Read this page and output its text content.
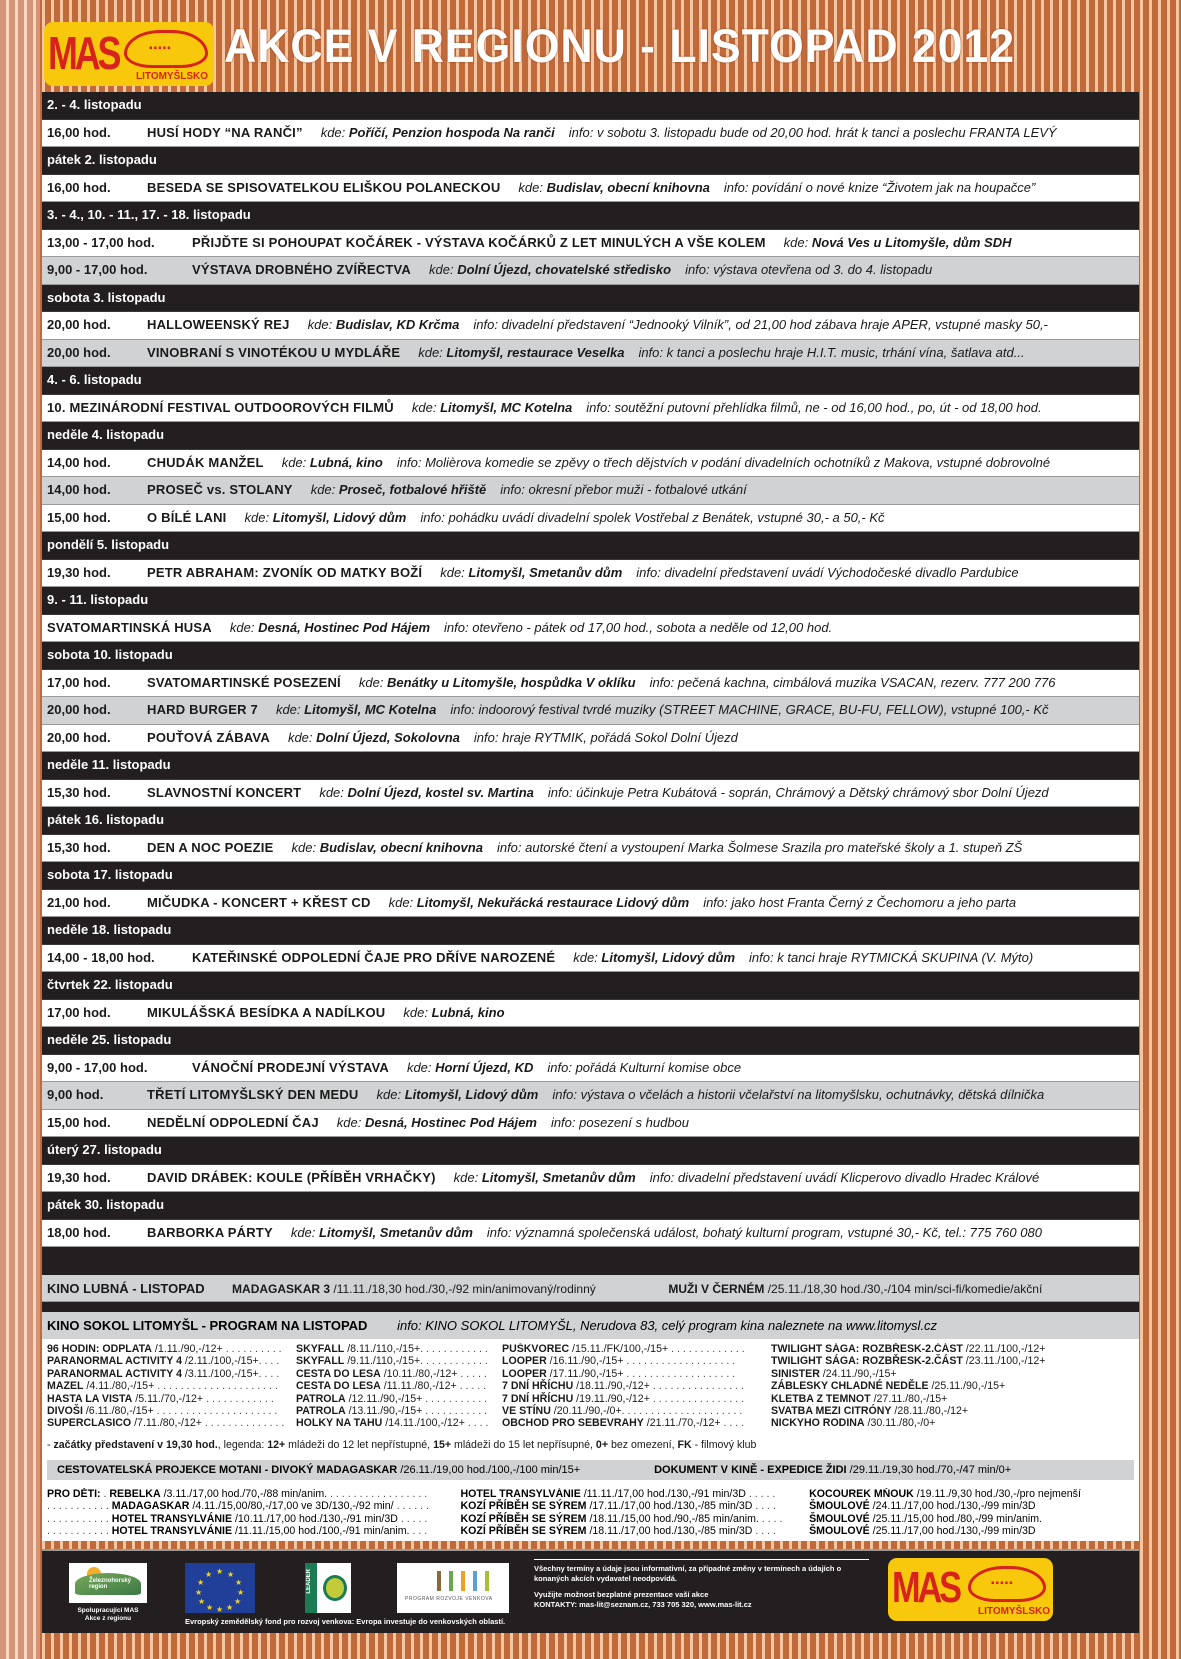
MAS	▪▪▪▪▪
LITOMYŠLSKO
AKCE V REGIONU - LISTOPAD 2012
2. - 4. listopadu
16,00 hod.	HUSÍ HODY “NA RANČI” kde: Poříčí, Penzion hospoda Na ranči info: v sobotu 3. listopadu bude od 20,00 hod. hrát k tanci a poslechu FRANTA LEVÝ
pátek 2. listopadu
16,00 hod.	BESEDA SE SPISOVATELKOU ELIŠKOU POLANECKOU kde: Budislav, obecní knihovna info: povídání o nové knize “Životem jak na houpačce”
3. - 4., 10. - 11., 17. - 18. listopadu
13,00 - 17,00 hod.	PŘIJĎTE SI POHOUPAT KOČÁREK - VÝSTAVA KOČÁRKŮ Z LET MINULÝCH A VŠE KOLEM kde: Nová Ves u Litomyšle, dům SDH
9,00 - 17,00 hod.	VÝSTAVA DROBNÉHO ZVÍŘECTVA kde: Dolní Újezd, chovatelské středisko info: výstava otevřena od 3. do 4. listopadu
sobota 3. listopadu
20,00 hod.	HALLOWEENSKÝ REJ kde: Budislav, KD Krčma info: divadelní představení “Jednooký Vilník”, od 21,00 hod zábava hraje APER, vstupné masky 50,-
20,00 hod.	VINOBRANÍ S VINOTÉKOU U MYDLÁŘE kde: Litomyšl, restaurace Veselka info: k tanci a poslechu hraje H.I.T. music, trhání vína, šatlava atd...
4. - 6. listopadu
10. MEZINÁRODNÍ FESTIVAL OUTDOOROVÝCH FILMŮ kde: Litomyšl, MC Kotelna info: soutěžní putovní přehlídka filmů, ne - od 16,00 hod., po, út - od 18,00 hod.
neděle 4. listopadu
14,00 hod.	CHUDÁK MANŽEL kde: Lubná, kino info: Molièrova komedie se zpěvy o třech dějstvích v podání divadelních ochotníků z Makova, vstupné dobrovolné
14,00 hod.	PROSEČ vs. STOLANY kde: Proseč, fotbalové hřiště info: okresní přebor muži - fotbalové utkání
15,00 hod.	O BÍLÉ LANI kde: Litomyšl, Lidový dům info: pohádku uvádí divadelní spolek Vostřebal z Benátek, vstupné 30,- a 50,- Kč
pondělí 5. listopadu
19,30 hod.	PETR ABRAHAM: ZVONÍK OD MATKY BOŽÍ kde: Litomyšl, Smetanův dům info: divadelní představení uvádí Východočeské divadlo Pardubice
9. - 11. listopadu
SVATOMARTINSKÁ HUSA kde: Desná, Hostinec Pod Hájem info: otevřeno - pátek od 17,00 hod., sobota a neděle od 12,00 hod.
sobota 10. listopadu
17,00 hod.	SVATOMARTINSKÉ POSEZENÍ kde: Benátky u Litomyšle, hospůdka V oklíku info: pečená kachna, cimbálová muzika VSACAN, rezerv. 777 200 776
20,00 hod.	HARD BURGER 7 kde: Litomyšl, MC Kotelna info: indoorový festival tvrdé muziky (STREET MACHINE, GRACE, BU-FU, FELLOW), vstupné 100,- Kč
20,00 hod.	POUŤOVÁ ZÁBAVA kde: Dolní Újezd, Sokolovna info: hraje RYTMIK, pořádá Sokol Dolní Újezd
neděle 11. listopadu
15,30 hod.	SLAVNOSTNÍ KONCERT kde: Dolní Újezd, kostel sv. Martina info: účinkuje Petra Kubátová - soprán, Chrámový a Dětský chrámový sbor Dolní Újezd
pátek 16. listopadu
15,30 hod.	DEN A NOC POEZIE kde: Budislav, obecní knihovna info: autorské čtení a vystoupení Marka Šolmese Srazila pro mateřské školy a 1. stupeň ZŠ
sobota 17. listopadu
21,00 hod.	MIČUDKA - KONCERT + KŘEST CD kde: Litomyšl, Nekuřácká restaurace Lidový dům info: jako host Franta Černý z Čechomoru a jeho parta
neděle 18. listopadu
14,00 - 18,00 hod.	KATEŘINSKÉ ODPOLEDNÍ ČAJE PRO DŘÍVE NAROZENÉ kde: Litomyšl, Lidový dům info: k tanci hraje RYTMICKÁ SKUPINA (V. Mýto)
čtvrtek 22. listopadu
17,00 hod.	MIKULÁŠSKÁ BESÍDKA A NADÍLKOU kde: Lubná, kino
neděle 25. listopadu
9,00 - 17,00 hod.	VÁNOČNÍ PRODEJNÍ VÝSTAVA kde: Horní Újezd, KD info: pořádá Kulturní komise obce
9,00 hod.	TŘETÍ LITOMYŠLSKÝ DEN MEDU kde: Litomyšl, Lidový dům info: výstava o včelách a historii včelařství na litomyšlsku, ochutnávky, dětská dílnička
15,00 hod.	NEDĚLNÍ ODPOLEDNÍ ČAJ kde: Desná, Hostinec Pod Hájem info: posezení s hudbou
úterý 27. listopadu
19,30 hod.	DAVID DRÁBEK: KOULE (PŘÍBĚH VRHAČKY) kde: Litomyšl, Smetanův dům info: divadelní představení uvádí Klicperovo divadlo Hradec Králové
pátek 30. listopadu
18,00 hod.	BARBORKA PÁRTY kde: Litomyšl, Smetanův dům info: významná společenská událost, bohatý kulturní program, vstupné 30,- Kč, tel.: 775 760 080
KINO LUBNÁ - LISTOPAD MADAGASKAR 3 /11.11./18,30 hod./30,-/92 min/animovaný/rodinný	MUŽI V ČERNÉM /25.11./18,30 hod./30,-/104 min/sci-fi/komedie/akční
KINO SOKOL LITOMYŠL - PROGRAM NA LISTOPAD info: KINO SOKOL LITOMYŠL, Nerudova 83, celý program kina naleznete na www.litomysl.cz
96 HODIN: ODPLATA /1.11./90,-/12+ . . . . . . . . . .
PARANORMAL ACTIVITY 4 /2.11./100,-/15+. . . .
PARANORMAL ACTIVITY 4 /3.11./100,-/15+. . . .
MAZEL /4.11./80,-/15+ . . . . . . . . . . . . . . . . . . . . .
HASTA LA VISTA /5.11./70,-/12+ . . . . . . . . . . . .
DIVOŠI /6.11./80,-/15+ . . . . . . . . . . . . . . . . . . . . .
SUPERCLASICO /7.11./80,-/12+ . . . . . . . . . . . . . .
SKYFALL /8.11./110,-/15+. . . . . . . . . . . .
SKYFALL /9.11./110,-/15+. . . . . . . . . . . .
CESTA DO LESA /10.11./80,-/12+ . . . . .
CESTA DO LESA /11.11./80,-/12+ . . . . .
PATROLA /12.11./90,-/15+ . . . . . . . . . . .
PATROLA /13.11./90,-/15+ . . . . . . . . . . .
HOLKY NA TAHU /14.11./100,-/12+ . . . .
PUŠKVOREC /15.11./FK/100,-/15+ . . . . . . . . . . . . .
LOOPER /16.11./90,-/15+ . . . . . . . . . . . . . . . . . . .
LOOPER /17.11./90,-/15+ . . . . . . . . . . . . . . . . . . .
7 DNÍ HŘÍCHU /18.11./90,-/12+ . . . . . . . . . . . . . . . .
7 DNÍ HŘÍCHU /19.11./90,-/12+ . . . . . . . . . . . . . . . .
VE STÍNU /20.11./90,-/0+. . . . . . . . . . . . . . . . . . . . .
OBCHOD PRO SEBEVRAHY /21.11./70,-/12+ . . . .
TWILIGHT SÁGA: ROZBŘESK-2.ČÁST /22.11./100,-/12+
TWILIGHT SÁGA: ROZBŘESK-2.ČÁST /23.11./100,-/12+
SINISTER /24.11./90,-/15+
ZÁBLESKY CHLADNÉ NEDĚLE /25.11./90,-/15+
KLETBA Z TEMNOT /27.11./80,-/15+
SVATBA MEZI CITRÓNY /28.11./80,-/12+
NICKYHO RODINA /30.11./80,-/0+
- začátky představení v 19,30 hod., legenda: 12+ mládeži do 12 let nepřístupné, 15+ mládeži do 15 let nepřísupné, 0+ bez omezení, FK - filmový klub
CESTOVATELSKÁ PROJEKCE MOTANI - DIVOKÝ MADAGASKAR /26.11./19,00 hod./100,-/100 min/15+	DOKUMENT V KINĚ - EXPEDICE ŽIDI /29.11./19,30 hod./70,-/47 min/0+
PRO DĚTI: . REBELKA /3.11./17,00 hod./70,-/88 min/anim. . . . . . . . . . . . . . . . . .
. . . . . . . . . . . MADAGASKAR /4.11./15,00/80,-/17,00 ve 3D/130,-/92 min/ . . . . . .
. . . . . . . . . . . HOTEL TRANSYLVÁNIE /10.11./17,00 hod./130,-/91 min/3D . . . . .
. . . . . . . . . . . HOTEL TRANSYLVÁNIE /11.11./15,00 hod./100,-/91 min/anim. . . .
HOTEL TRANSYLVÁNIE /11.11./17,00 hod./130,-/91 min/3D . . . . .
KOZÍ PŘÍBĚH SE SÝREM /17.11./17,00 hod./130,-/85 min/3D . . . .
KOZÍ PŘÍBĚH SE SÝREM /18.11./15,00 hod./90,-/85 min/anim. . . . .
KOZÍ PŘÍBĚH SE SÝREM /18.11./17,00 hod./130,-/85 min/3D . . . .
KOCOUREK MŇOUK /19.11./9,30 hod./30,-/pro nejmenší
ŠMOULOVÉ /24.11./17,00 hod./130,-/99 min/3D
ŠMOULOVÉ /25.11./15,00 hod./80,-/99 min/anim.
ŠMOULOVÉ /25.11./17,00 hod./130,-/99 min/3D
Železnohorský region
Spolupracující MAS
Akce z regionu
★ ★
★
★
★
★
★
★
★
★
★
★	LEADER
PROGRAM ROZVOJE VENKOVA
Evropský zemědělský fond pro rozvoj venkova: Evropa investuje do venkovských oblastí.

Všechny termíny a údaje jsou informativní, za případné změny v termínech a údajích o konaných akcích vydavatel neodpovídá.

Využijte možnost bezplatné prezentace vaší akce
KONTAKTY: mas-lit@seznam.cz, 733 705 320, www.mas-lit.cz	MAS	▪▪▪▪▪
LITOMYŠLSKO
